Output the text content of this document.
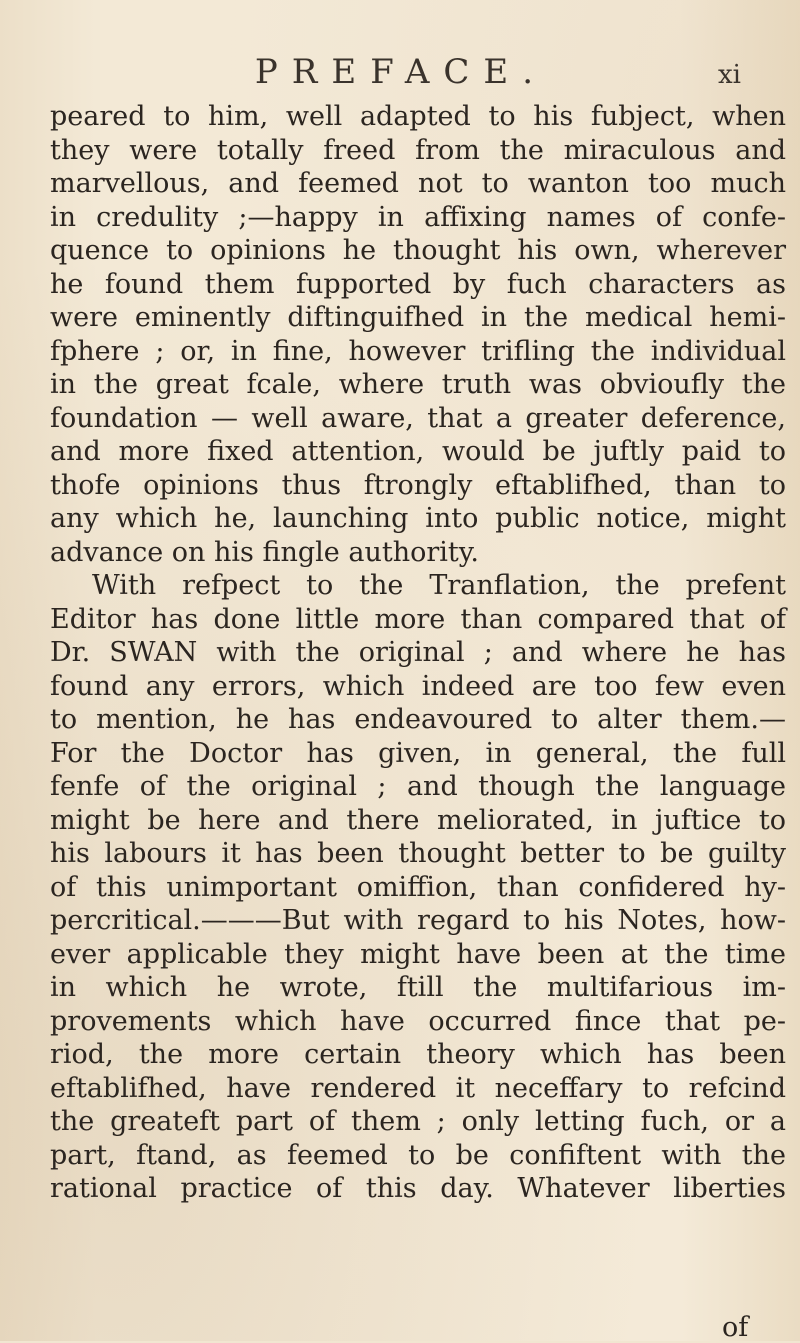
PREFACE.	xi
peared to him, well adapted to his fubject, when
they were totally freed from the miraculous and
marvellous, and feemed not to wanton too much
in credulity ;—happy in affixing names of confe-
quence to opinions he thought his own, wherever
he found them fupported by fuch characters as
were eminently diftinguifhed in the medical hemi-
fphere ; or, in fine, however trifling the individual
in the great fcale, where truth was obvioufly the
foundation — well aware, that a greater deference,
and more fixed attention, would be juftly paid to
thofe opinions thus ftrongly eftablifhed, than to
any which he, launching into public notice, might
advance on his fingle authority.
With refpect to the Tranflation, the prefent
Editor has done little more than compared that of
Dr. SWAN with the original ; and where he has
found any errors, which indeed are too few even
to mention, he has endeavoured to alter them.—
For the Doctor has given, in general, the full
fenfe of the original ; and though the language
might be here and there meliorated, in juftice to
his labours it has been thought better to be guilty
of this unimportant omiffion, than confidered hy-
percritical.———But with regard to his Notes, how-
ever applicable they might have been at the time
in which he wrote, ftill the multifarious im-
provements which have occurred fince that pe-
riod, the more certain theory which has been
eftablifhed, have rendered it neceffary to refcind
the greateft part of them ; only letting fuch, or a
part, ftand, as feemed to be confiftent with the
rational practice of this day. Whatever liberties
of
